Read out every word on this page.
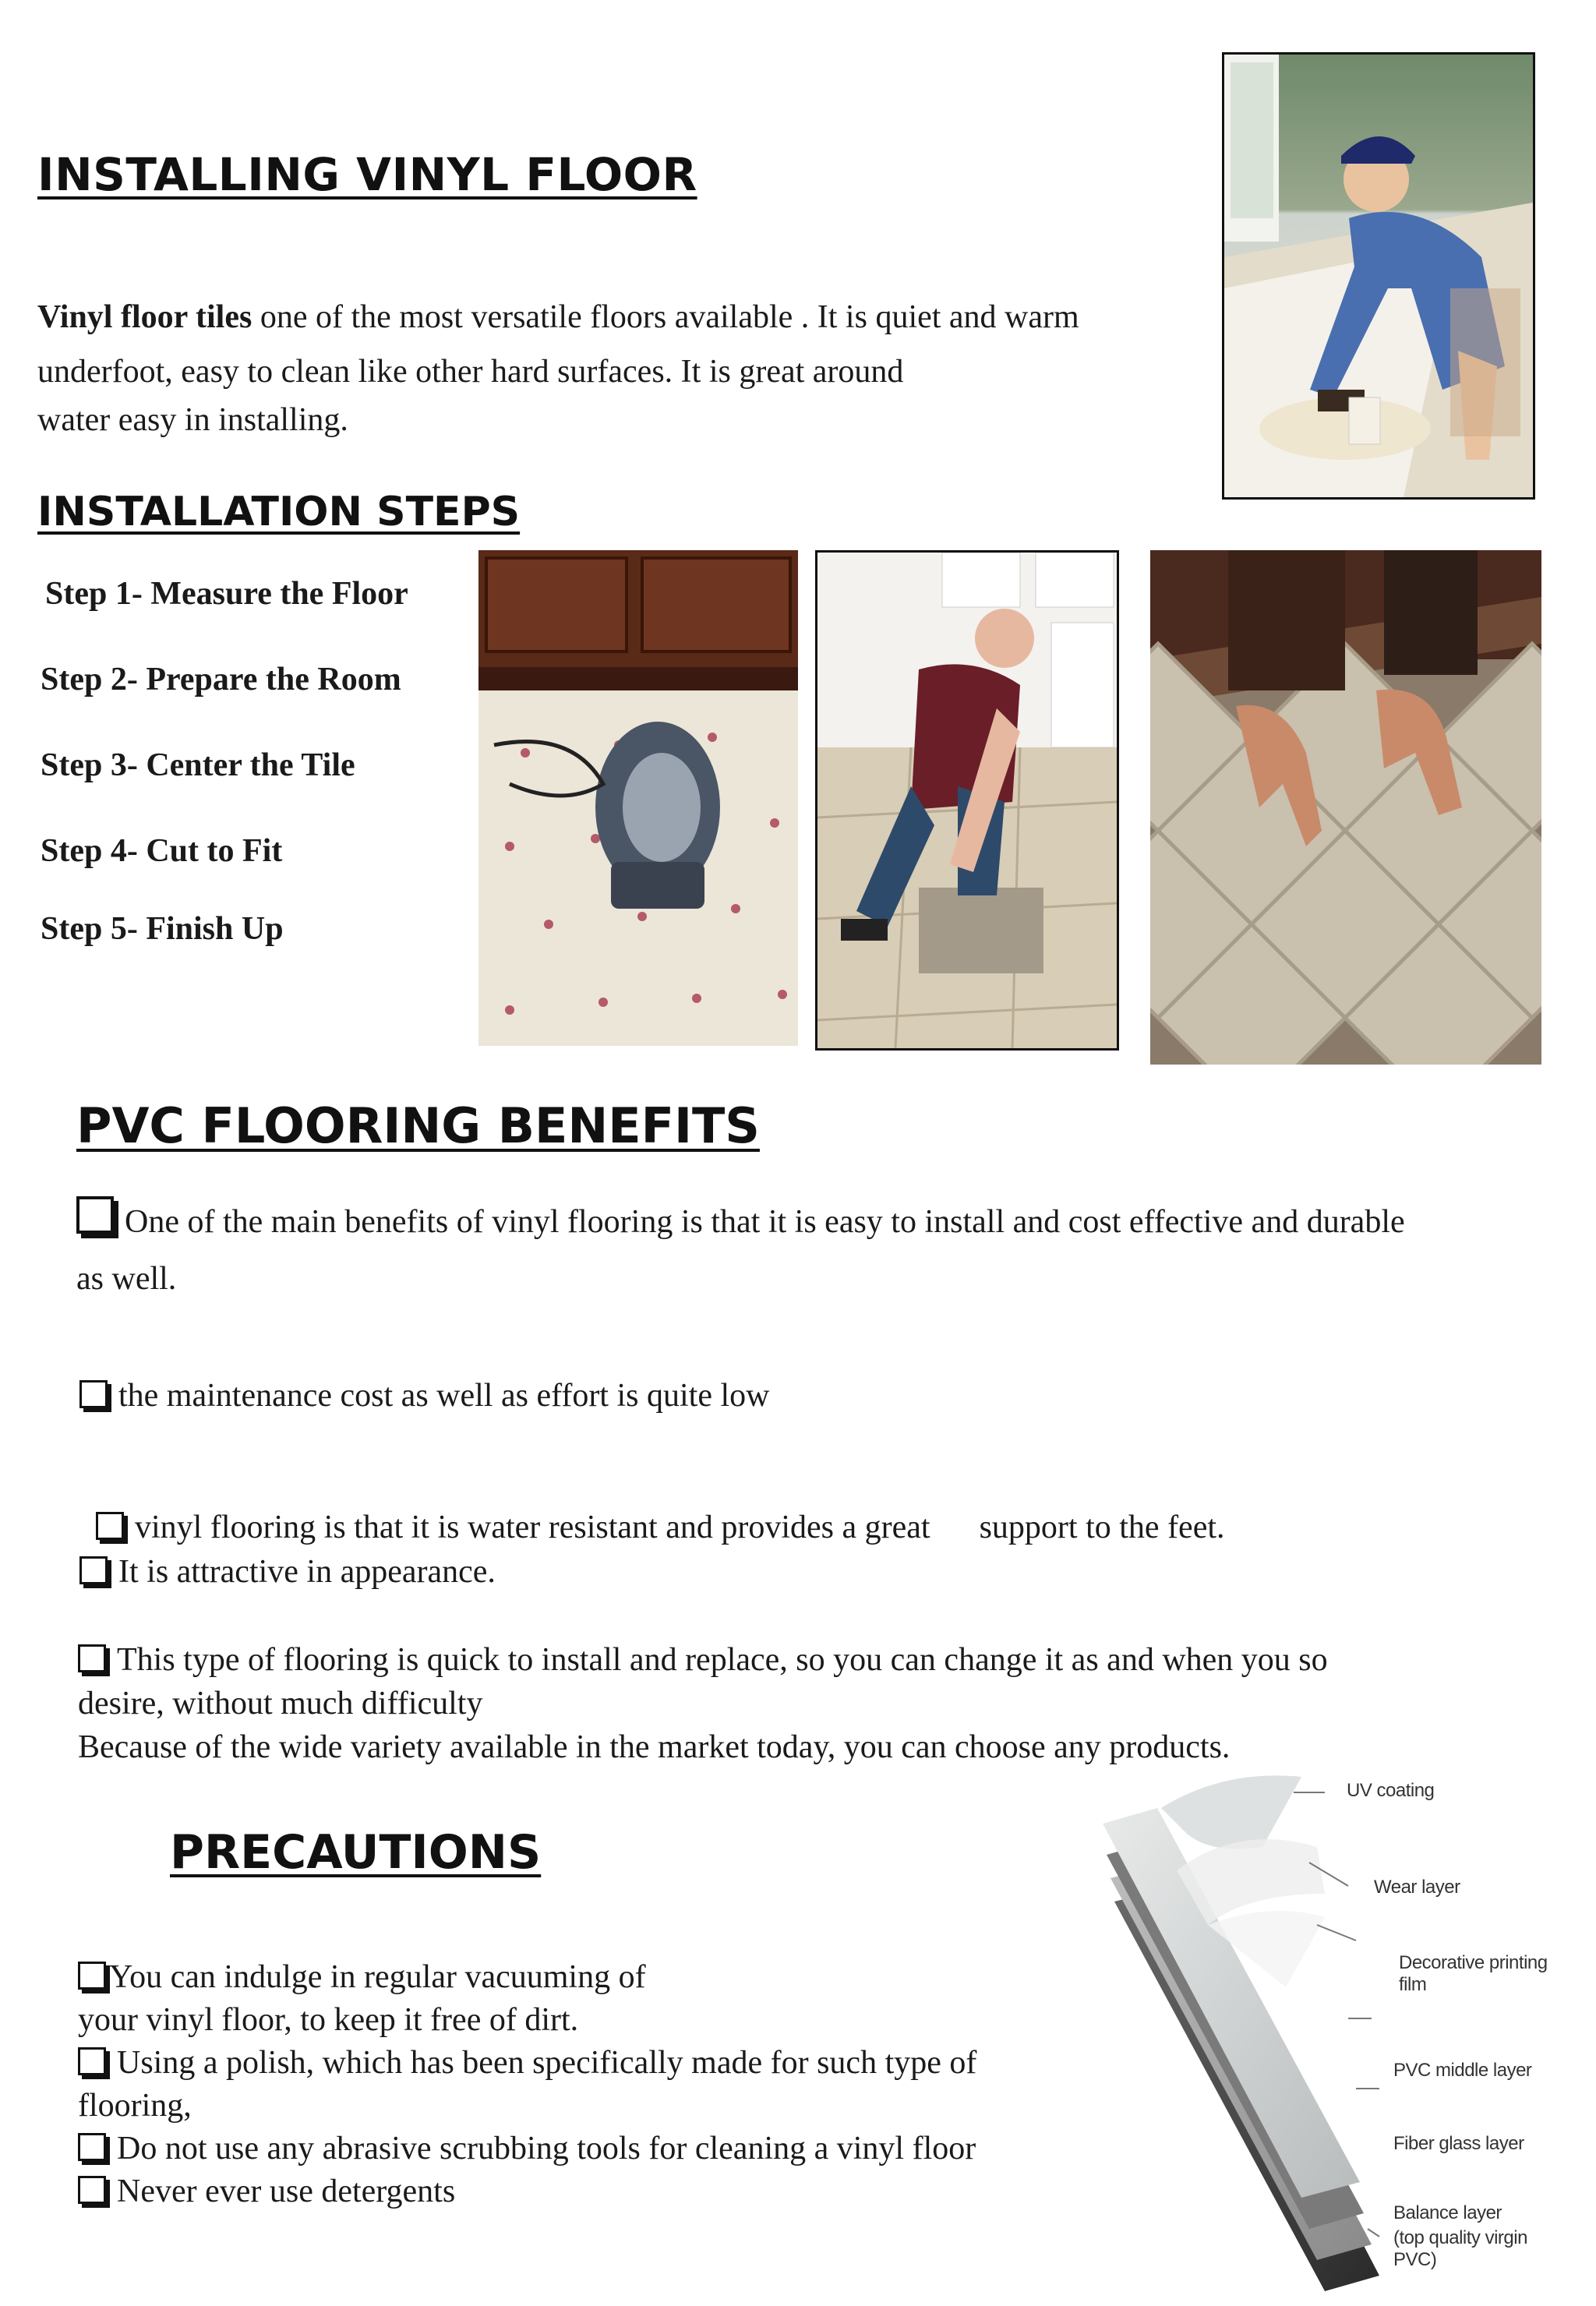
INSTALLING VINYL FLOOR
Vinyl floor tiles one of the most versatile floors available . It is quiet and warm
underfoot, easy to clean like other hard surfaces. It is great around
water easy in installing.
INSTALLATION STEPS
Step 1- Measure the Floor
Step 2- Prepare the Room
Step 3- Center the Tile
Step 4- Cut to Fit
Step 5- Finish Up
PVC FLOORING BENEFITS
One of the main benefits of vinyl flooring is that it is easy to install and cost effective and durable
as well.
the maintenance cost as well as effort is quite low

vinyl flooring is that it is water resistant and provides a great      support to the feet.

It is attractive in appearance.
This type of flooring is quick to install and replace, so you can change it as and when you so
desire, without much difficulty
Because of the wide variety available in the market today, you can choose any products.
PRECAUTIONS
You can indulge in regular vacuuming of
your vinyl floor, to keep it free of dirt.
Using a polish, which has been specifically made for such type of
flooring,
Do not use any abrasive scrubbing tools for cleaning a vinyl floor
Never ever use detergents
UV coating
Wear layer
Decorative printing film
PVC middle layer
Fiber glass layer
Balance layer
(top quality virgin PVC)
